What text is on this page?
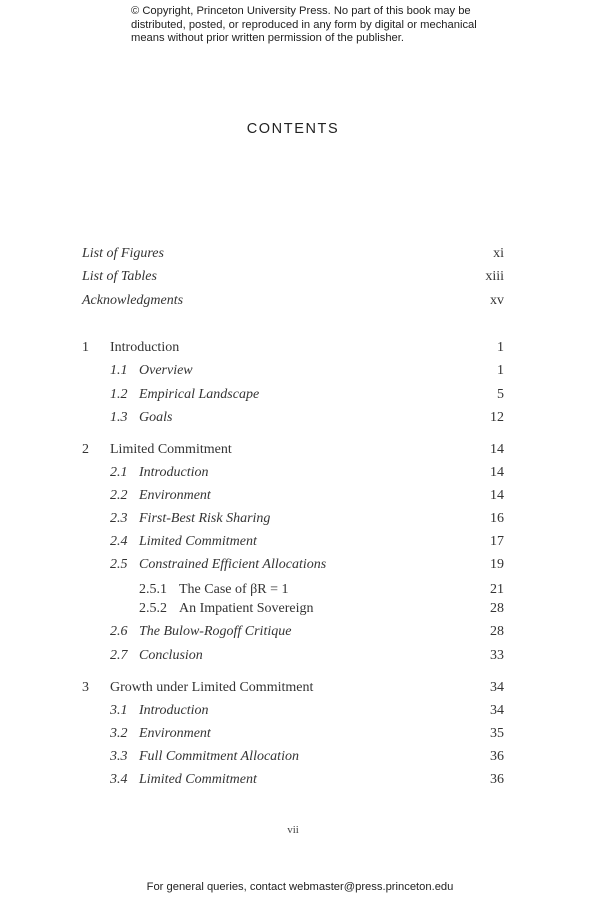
© Copyright, Princeton University Press. No part of this book may be distributed, posted, or reproduced in any form by digital or mechanical means without prior written permission of the publisher.
CONTENTS
List of Figures	xi
List of Tables	xiii
Acknowledgments	xv
1 Introduction	1
1.1 Overview	1
1.2 Empirical Landscape	5
1.3 Goals	12
2 Limited Commitment	14
2.1 Introduction	14
2.2 Environment	14
2.3 First-Best Risk Sharing	16
2.4 Limited Commitment	17
2.5 Constrained Efficient Allocations	19
2.5.1 The Case of βR = 1	21
2.5.2 An Impatient Sovereign	28
2.6 The Bulow-Rogoff Critique	28
2.7 Conclusion	33
3 Growth under Limited Commitment	34
3.1 Introduction	34
3.2 Environment	35
3.3 Full Commitment Allocation	36
3.4 Limited Commitment	36
vii
For general queries, contact webmaster@press.princeton.edu
